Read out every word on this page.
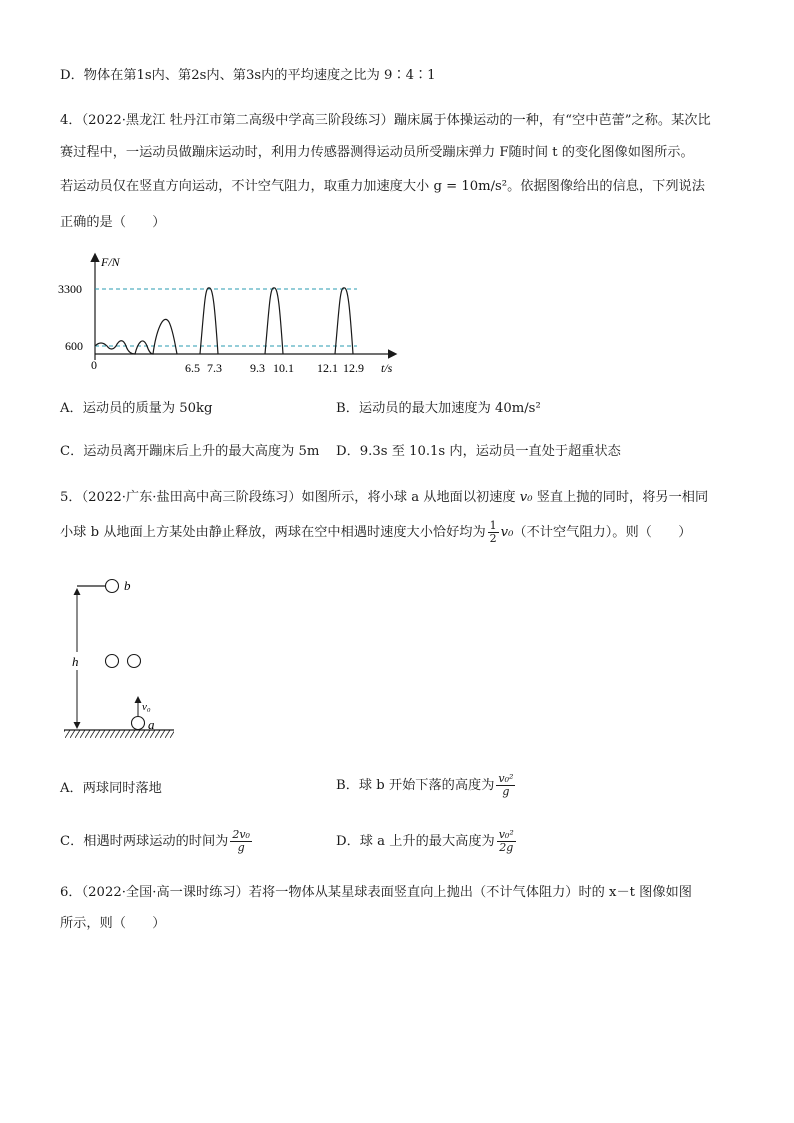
D．物体在第1s内、第2s内、第3s内的平均速度之比为 9∶4∶1
4．（2022·黑龙江 牡丹江市第二高级中学高三阶段练习）蹦床属于体操运动的一种，有“空中芭蕾”之称。某次比
赛过程中，一运动员做蹦床运动时，利用力传感器测得运动员所受蹦床弹力 F随时间 t 的变化图像如图所示。
若运动员仅在竖直方向运动，不计空气阻力，取重力加速度大小 g = 10m/s²。依据图像给出的信息，下列说法
正确的是（　　）
F/N
t/s
0
3300
600
6.5 7.3 9.3 10.1 12.1 12.9
A．运动员的质量为 50kg	B．运动员的最大加速度为 40m/s²
C．运动员离开蹦床后上升的最大高度为 5m D．9.3s 至 10.1s 内，运动员一直处于超重状态
5．（2022·广东·盐田高中高三阶段练习）如图所示，将小球 a 从地面以初速度 v₀ 竖直上抛的同时，将另一相同
小球 b 从地面上方某处由静止释放，两球在空中相遇时速度大小恰好均为 $\frac{1}{2} v_0$（不计空气阻力）。则（　　）
h
b
a
v₀
A．两球同时落地	B．球 b 开始下落的高度为 $\frac{\text{v₀²}}{g}$
C．相遇时两球运动的时间为 $\frac{\text{2v₀}}{g}$	D．球 a 上升的最大高度为 $\frac{\text{v₀²}}{2g}$
6．（2022·全国·高一课时练习）若将一物体从某星球表面竖直向上抛出（不计气体阻力）时的 x－t 图像如图
所示，则（　　）
